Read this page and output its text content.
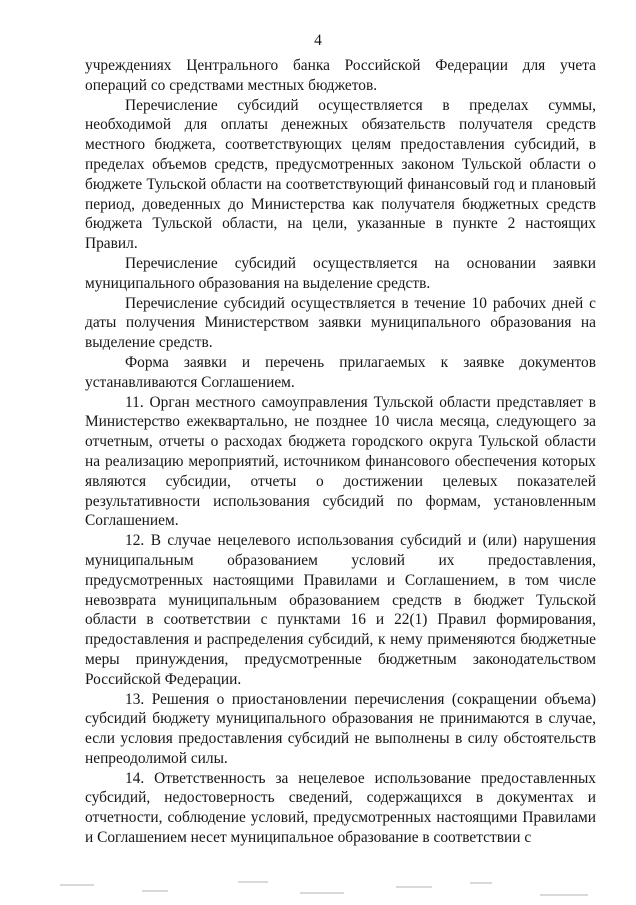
4

учреждениях Центрального банка Российской Федерации для учета операций со средствами местных бюджетов.

Перечисление субсидий осуществляется в пределах суммы, необходимой для оплаты денежных обязательств получателя средств местного бюджета, соответствующих целям предоставления субсидий, в пределах объемов средств, предусмотренных законом Тульской области о бюджете Тульской области на соответствующий финансовый год и плановый период, доведенных до Министерства как получателя бюджетных средств бюджета Тульской области, на цели, указанные в пункте 2 настоящих Правил.

Перечисление субсидий осуществляется на основании заявки муниципального образования на выделение средств.

Перечисление субсидий осуществляется в течение 10 рабочих дней с даты получения Министерством заявки муниципального образования на выделение средств.

Форма заявки и перечень прилагаемых к заявке документов устанавливаются Соглашением.

11. Орган местного самоуправления Тульской области представляет в Министерство ежеквартально, не позднее 10 числа месяца, следующего за отчетным, отчеты о расходах бюджета городского округа Тульской области на реализацию мероприятий, источником финансового обеспечения которых являются субсидии, отчеты о достижении целевых показателей результативности использования субсидий по формам, установленным Соглашением.

12. В случае нецелевого использования субсидий и (или) нарушения муниципальным образованием условий их предоставления, предусмотренных настоящими Правилами и Соглашением, в том числе невозврата муниципальным образованием средств в бюджет Тульской области в соответствии с пунктами 16 и 22(1) Правил формирования, предоставления и распределения субсидий, к нему применяются бюджетные меры принуждения, предусмотренные бюджетным законодательством Российской Федерации.

13. Решения о приостановлении перечисления (сокращении объема) субсидий бюджету муниципального образования не принимаются в случае, если условия предоставления субсидий не выполнены в силу обстоятельств непреодолимой силы.

14. Ответственность за нецелевое использование предоставленных субсидий, недостоверность сведений, содержащихся в документах и отчетности, соблюдение условий, предусмотренных настоящими Правилами и Соглашением несет муниципальное образование в соответствии с
